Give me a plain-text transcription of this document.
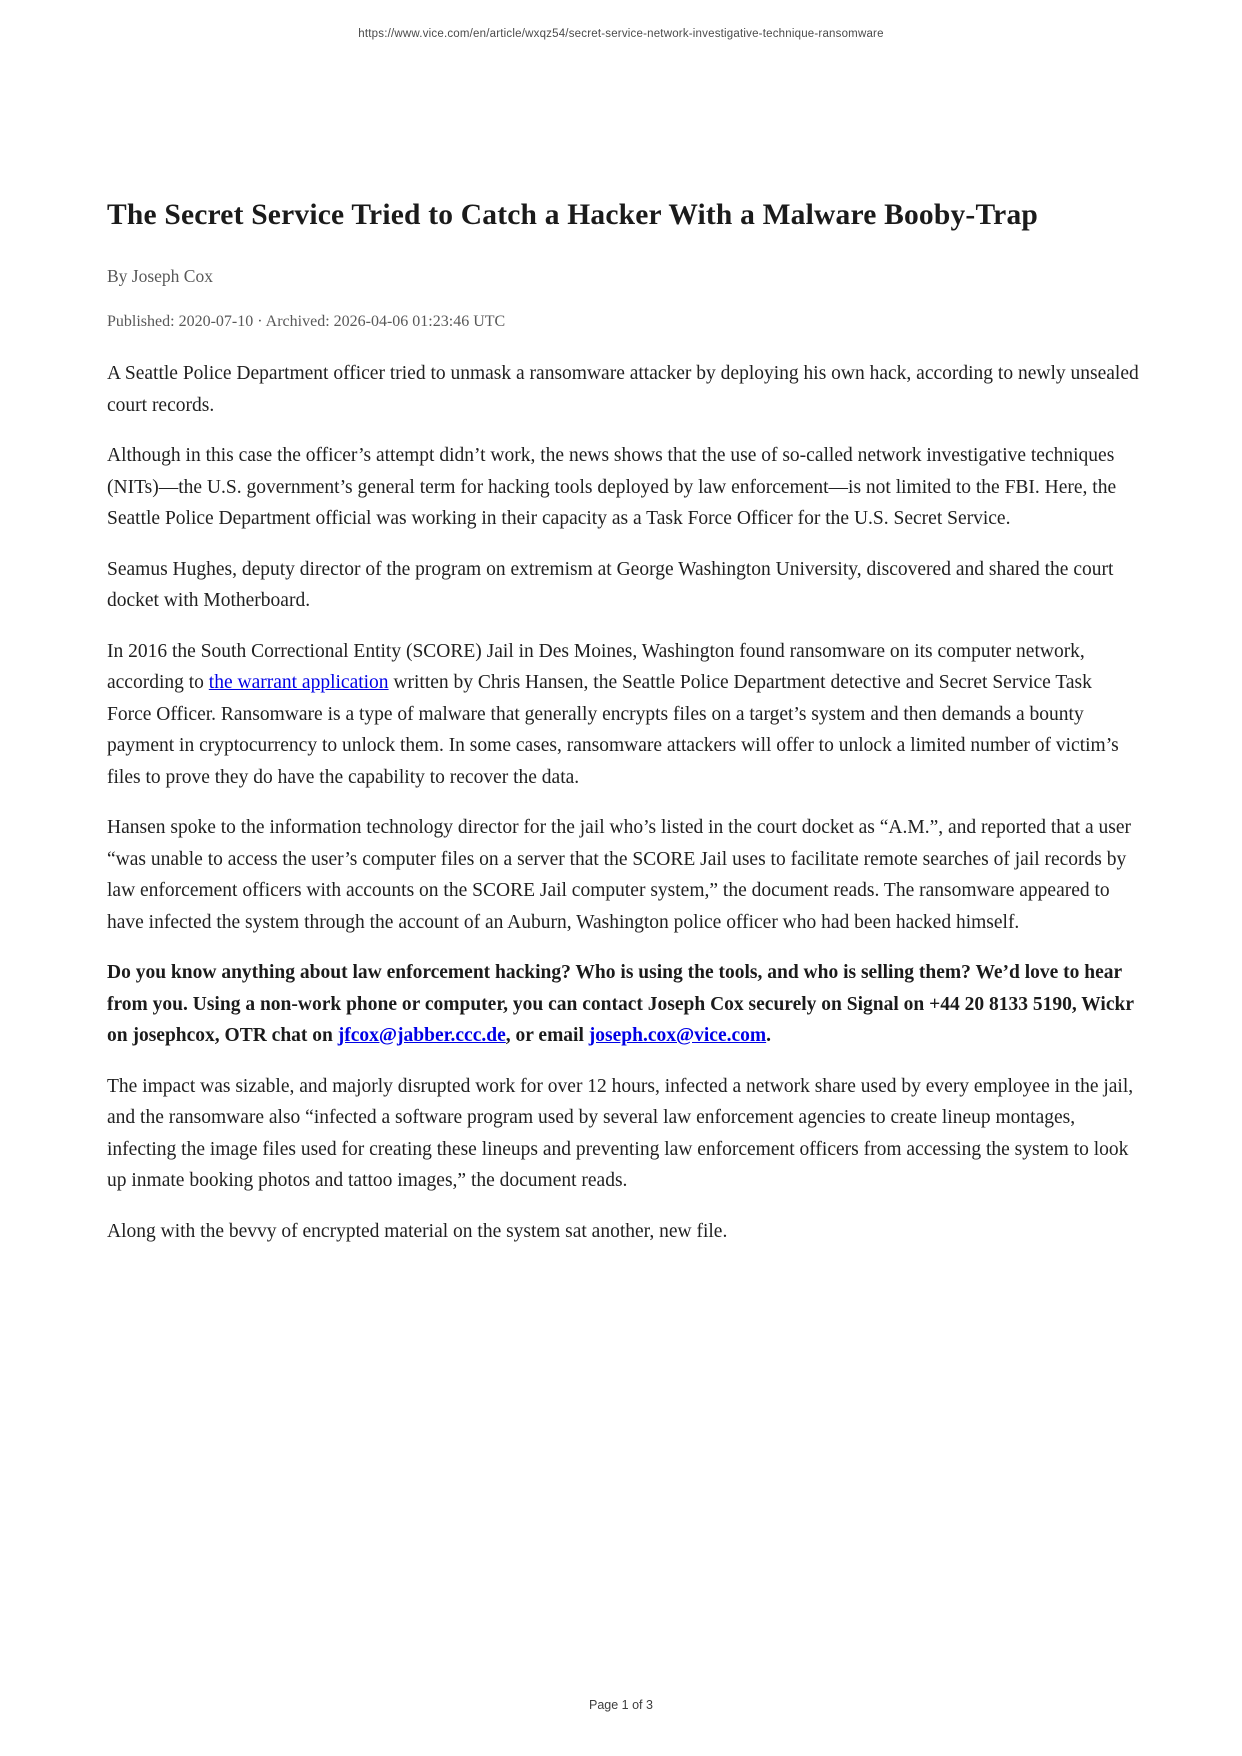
https://www.vice.com/en/article/wxqz54/secret-service-network-investigative-technique-ransomware
The Secret Service Tried to Catch a Hacker With a Malware Booby-Trap
By Joseph Cox
Published: 2020-07-10 · Archived: 2026-04-06 01:23:46 UTC

A Seattle Police Department officer tried to unmask a ransomware attacker by deploying his own hack, according to newly unsealed court records.

Although in this case the officer’s attempt didn’t work, the news shows that the use of so-called network investigative techniques (NITs)—the U.S. government’s general term for hacking tools deployed by law enforcement—is not limited to the FBI. Here, the Seattle Police Department official was working in their capacity as a Task Force Officer for the U.S. Secret Service.

Seamus Hughes, deputy director of the program on extremism at George Washington University, discovered and shared the court docket with Motherboard.

In 2016 the South Correctional Entity (SCORE) Jail in Des Moines, Washington found ransomware on its computer network, according to the warrant application written by Chris Hansen, the Seattle Police Department detective and Secret Service Task Force Officer. Ransomware is a type of malware that generally encrypts files on a target’s system and then demands a bounty payment in cryptocurrency to unlock them. In some cases, ransomware attackers will offer to unlock a limited number of victim’s files to prove they do have the capability to recover the data.

Hansen spoke to the information technology director for the jail who’s listed in the court docket as “A.M.”, and reported that a user “was unable to access the user’s computer files on a server that the SCORE Jail uses to facilitate remote searches of jail records by law enforcement officers with accounts on the SCORE Jail computer system,” the document reads. The ransomware appeared to have infected the system through the account of an Auburn, Washington police officer who had been hacked himself.

Do you know anything about law enforcement hacking? Who is using the tools, and who is selling them? We’d love to hear from you. Using a non-work phone or computer, you can contact Joseph Cox securely on Signal on +44 20 8133 5190, Wickr on josephcox, OTR chat on jfcox@jabber.ccc.de, or email joseph.cox@vice.com.

The impact was sizable, and majorly disrupted work for over 12 hours, infected a network share used by every employee in the jail, and the ransomware also “infected a software program used by several law enforcement agencies to create lineup montages, infecting the image files used for creating these lineups and preventing law enforcement officers from accessing the system to look up inmate booking photos and tattoo images,” the document reads.

Along with the bevvy of encrypted material on the system sat another, new file.

Page 1 of 3
